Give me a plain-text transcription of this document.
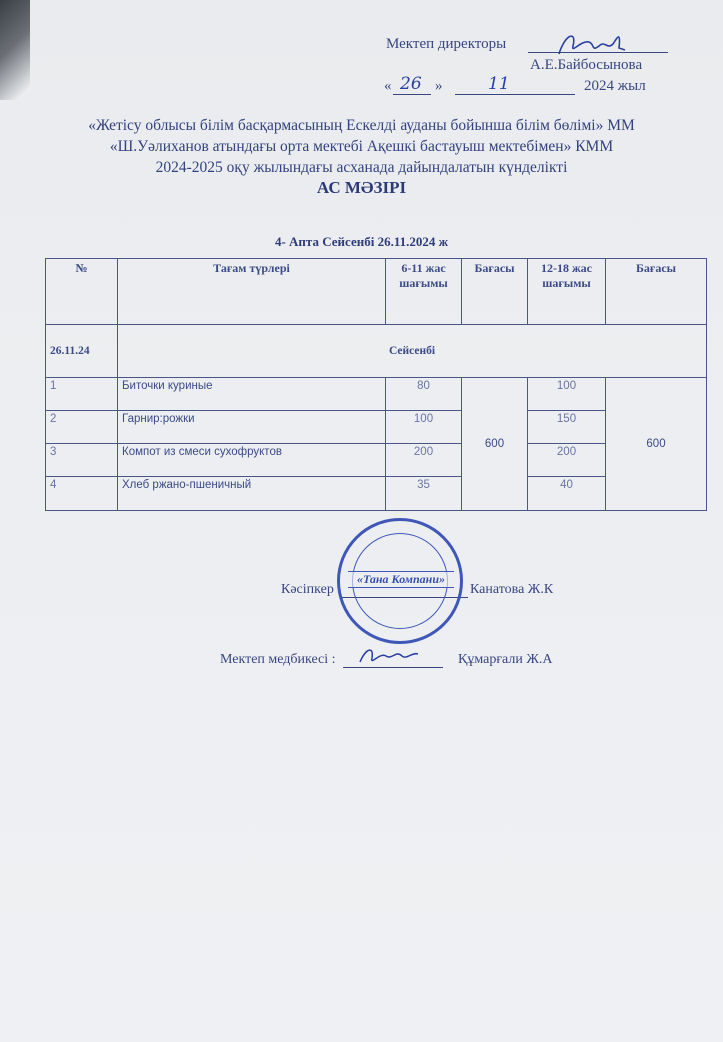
Мектеп директоры
А.Е.Байбосынова
« 26 »	11	2024 жыл
«Жетісу облысы білім басқармасының Ескелді ауданы бойынша білім бөлімі» ММ
«Ш.Уәлиханов атындағы орта мектебі Ақешкі бастауыш мектебімен» КММ
2024-2025 оқу жылындағы асханада дайындалатын күнделікті
АС МӘЗІРІ
4- Апта Сейсенбі 26.11.2024 ж
№	Тағам түрлері	6-11 жас шағымы	Бағасы	12-18 жас шағымы	Бағасы
26.11.24	Сейсенбі				
1	Биточки куриные	80	600	100	600
2	Гарнир:рожки	100		150	
3	Компот из смеси сухофруктов	200		200	
4	Хлеб ржано-пшеничный	35		40	
Кәсіпкер	Канатова Ж.К
«Тана Компани»
Мектеп медбикесі :	Құмарғали Ж.А
